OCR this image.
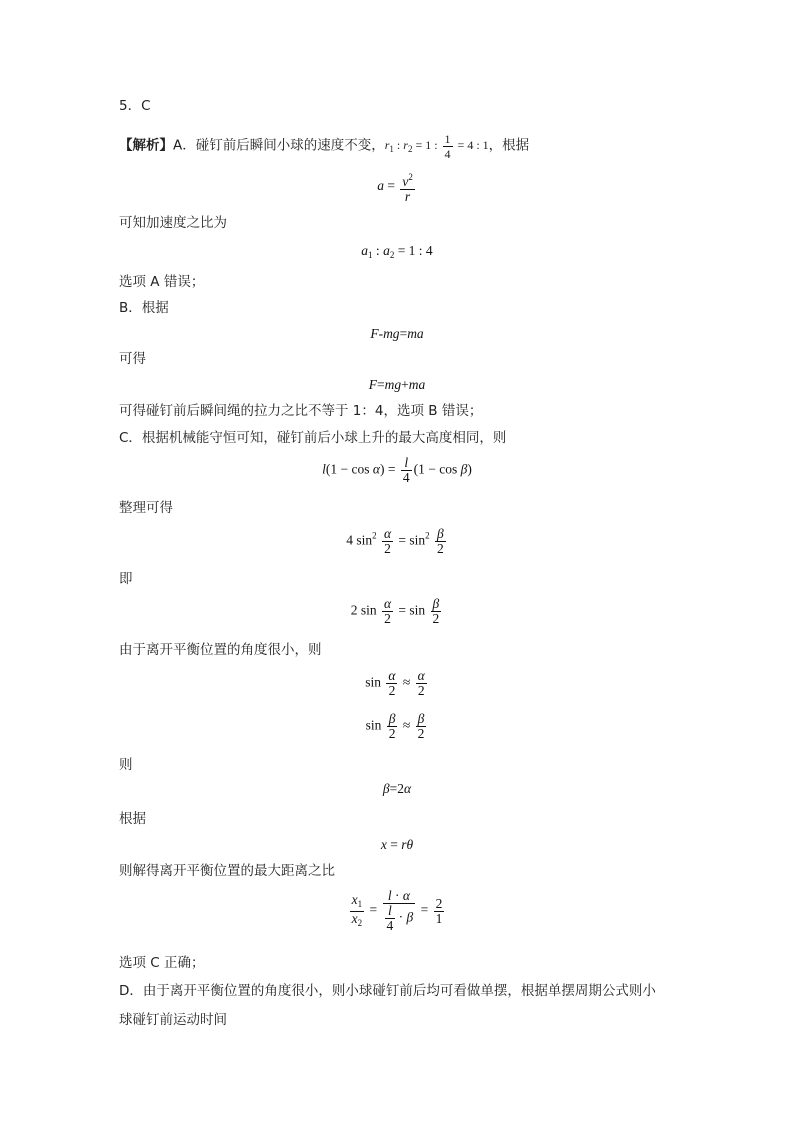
5．C
【解析】A．碰钉前后瞬间小球的速度不变，$r_1$ : $r_2 = 1$ : $\frac{1}{4} = 4$ : 1，根据
$a = \frac{v^2}{r}$
可知加速度之比为
$a_1$ : $a_2 = 1$ : 4
选项 A 错误；
B．根据
F-mg=ma
可得
F=mg+ma
可得碰钉前后瞬间绳的拉力之比不等于 1：4，选项 B 错误；
C．根据机械能守恒可知，碰钉前后小球上升的最大高度相同，则
$l(1 - \cos \alpha) = \frac{l}{4} (1 - \cos \beta)$
整理可得
4 $\sin^2 \frac{\alpha}{2} = \sin^2 \frac{\beta}{2}$
即
2 $\sin \frac{\alpha}{2} = \sin \frac{\beta}{2}$
由于离开平衡位置的角度很小，则
$\sin \frac{\alpha}{2} \approx \frac{\alpha}{2}$
$\sin \frac{\beta}{2} \approx \frac{\beta}{2}$
则
β=2α
根据
x = rθ
则解得离开平衡位置的最大距离之比
$\frac{x_1}{x_2} = \frac{l \cdot \alpha}{\frac{l}{4} \cdot \beta} = \frac{2}{1}$
选项 C 正确；
D．由于离开平衡位置的角度很小，则小球碰钉前后均可看做单摆，根据单摆周期公式则小
球碰钉前运动时间
